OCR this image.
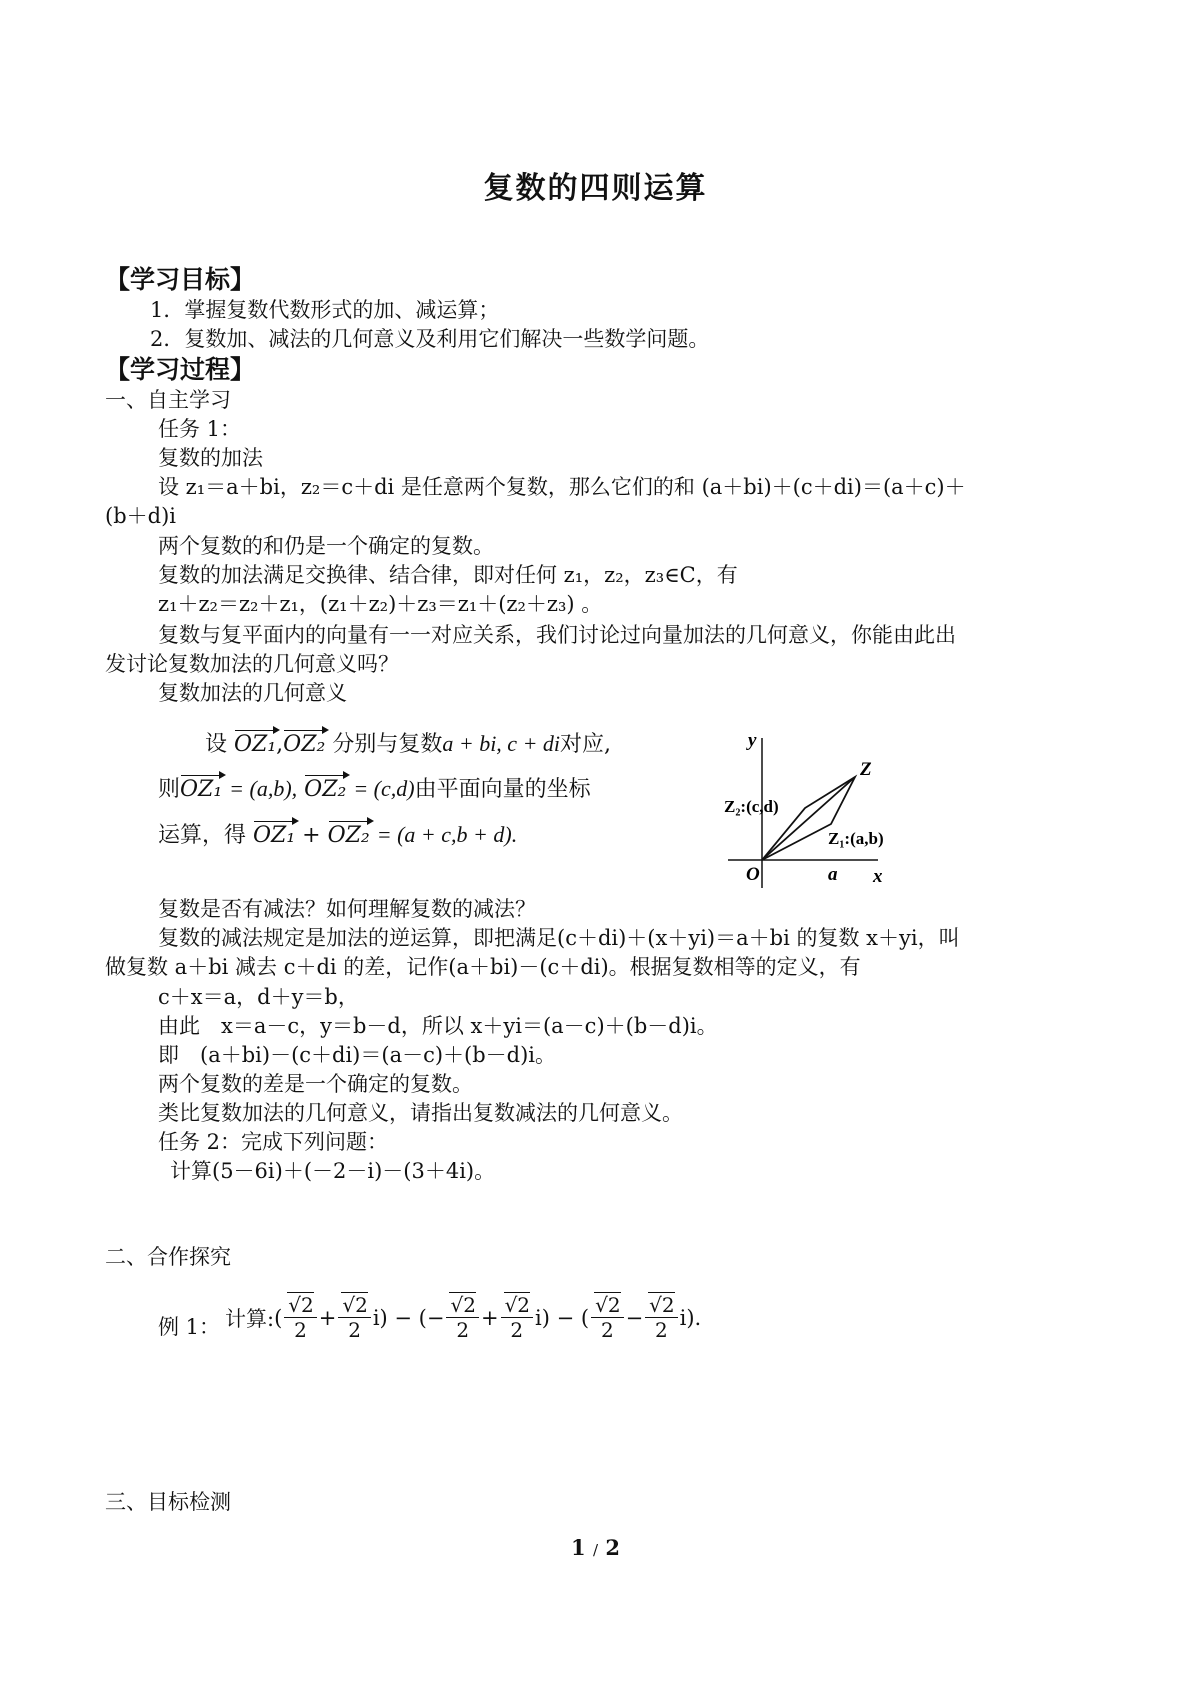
复数的四则运算
【学习目标】
1．掌握复数代数形式的加、减运算；
2．复数加、减法的几何意义及利用它们解决一些数学问题。
【学习过程】
一、自主学习
任务 1：
复数的加法
设 z₁＝a＋bi，z₂＝c＋di 是任意两个复数，那么它们的和 (a＋bi)＋(c＋di)＝(a＋c)＋
(b＋d)i
两个复数的和仍是一个确定的复数。
复数的加法满足交换律、结合律，即对任何 z₁，z₂，z₃∈C，有
z₁＋z₂＝z₂＋z₁，(z₁＋z₂)＋z₃＝z₁＋(z₂＋z₃) 。
复数与复平面内的向量有一一对应关系，我们讨论过向量加法的几何意义，你能由此出
发讨论复数加法的几何意义吗？
复数加法的几何意义
设 OZ₁,OZ₂ 分别与复数a + bi, c + di对应,
则OZ₁ = (a,b), OZ₂ = (c,d)由平面向量的坐标
运算，得 OZ₁ + OZ₂ = (a + c,b + d).
y
x
O	a
Z
Z₁:(a,b)
Z₂:(c,d)
复数是否有减法？如何理解复数的减法？
复数的减法规定是加法的逆运算，即把满足(c＋di)＋(x＋yi)＝a＋bi 的复数 x＋yi，叫
做复数 a＋bi 减去 c＋di 的差，记作(a＋bi)－(c＋di)。根据复数相等的定义，有
c＋x＝a，d＋y＝b，
由此　x＝a－c，y＝b－d，所以 x＋yi＝(a－c)＋(b－d)i。
即　(a＋bi)－(c＋di)＝(a－c)＋(b－d)i。
两个复数的差是一个确定的复数。
类比复数加法的几何意义，请指出复数减法的几何意义。
任务 2：完成下列问题：
计算(5－6i)＋(－2－i)－(3＋4i)。
二、合作探究
例 1： 计算: ( $\frac{√2}{2} + \frac{√2}{2} i$) − (− $\frac{√2}{2} + \frac{√2}{2} i$) − ( $\frac{√2}{2} - \frac{√2}{2} i$).
三、目标检测
1 / 2
